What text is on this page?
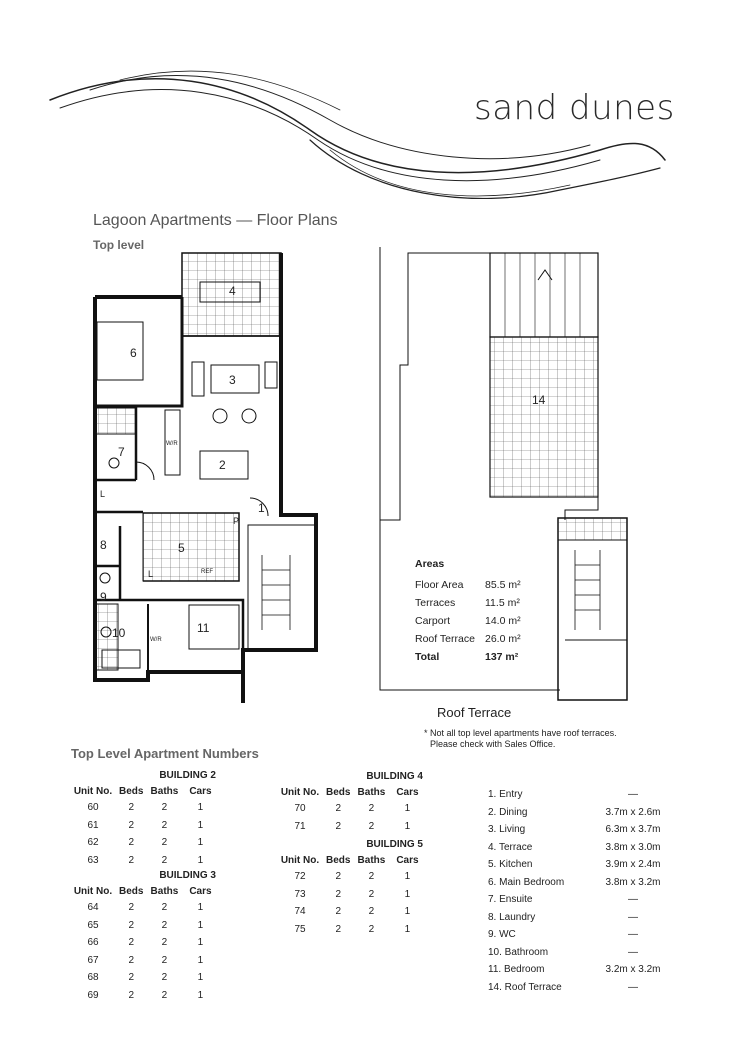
sand dunes
Lagoon Apartments — Floor Plans
Top level
1
2
3
4
5
6
7
8
9
10	11
14
L
L
P
W/R
W/R
REF
Areas
Floor Area	85.5 m²
Terraces	11.5 m²
Carport	14.0 m²
Roof Terrace	26.0 m²
Total	137 m²
Roof Terrace
* Not all top level apartments have roof terraces.
Please check with Sales Office.
Top Level Apartment Numbers
BUILDING 2
Unit No.	Beds	Baths	Cars
60	2	2	1
61	2	2	1
62	2	2	1
63	2	2	1
BUILDING 3
Unit No.	Beds	Baths	Cars
64	2	2	1
65	2	2	1
66	2	2	1
67	2	2	1
68	2	2	1
69	2	2	1
BUILDING 4
Unit No.	Beds	Baths	Cars
70	2	2	1
71	2	2	1
BUILDING 5
Unit No.	Beds	Baths	Cars
72	2	2	1
73	2	2	1
74	2	2	1
75	2	2	1
1. Entry	—
2. Dining	3.7m x 2.6m
3. Living	6.3m x 3.7m
4. Terrace	3.8m x 3.0m
5. Kitchen	3.9m x 2.4m
6. Main Bedroom	3.8m x 3.2m
7. Ensuite	—
8. Laundry	—
9. WC	—
10. Bathroom	—
11. Bedroom	3.2m x 3.2m
14. Roof Terrace	—
